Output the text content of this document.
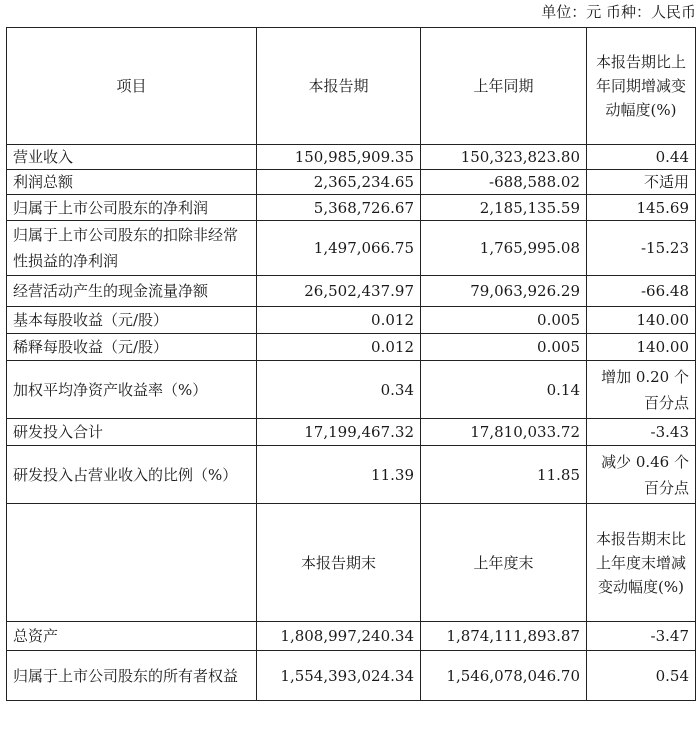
单位：元 币种：人民币
项目	本报告期	上年同期	本报告期比上年同期增减变动幅度(%)
营业收入	150,985,909.35	150,323,823.80	0.44
利润总额	2,365,234.65	-688,588.02	不适用
归属于上市公司股东的净利润	5,368,726.67	2,185,135.59	145.69
归属于上市公司股东的扣除非经常性损益的净利润	1,497,066.75	1,765,995.08	-15.23
经营活动产生的现金流量净额	26,502,437.97	79,063,926.29	-66.48
基本每股收益（元/股）	0.012	0.005	140.00
稀释每股收益（元/股）	0.012	0.005	140.00
加权平均净资产收益率（%）	0.34	0.14	增加 0.20 个百分点
研发投入合计	17,199,467.32	17,810,033.72	-3.43
研发投入占营业收入的比例（%）	11.39	11.85	减少 0.46 个百分点
	本报告期末	上年度末	本报告期末比上年度末增减变动幅度(%)
总资产	1,808,997,240.34	1,874,111,893.87	-3.47
归属于上市公司股东的所有者权益	1,554,393,024.34	1,546,078,046.70	0.54
